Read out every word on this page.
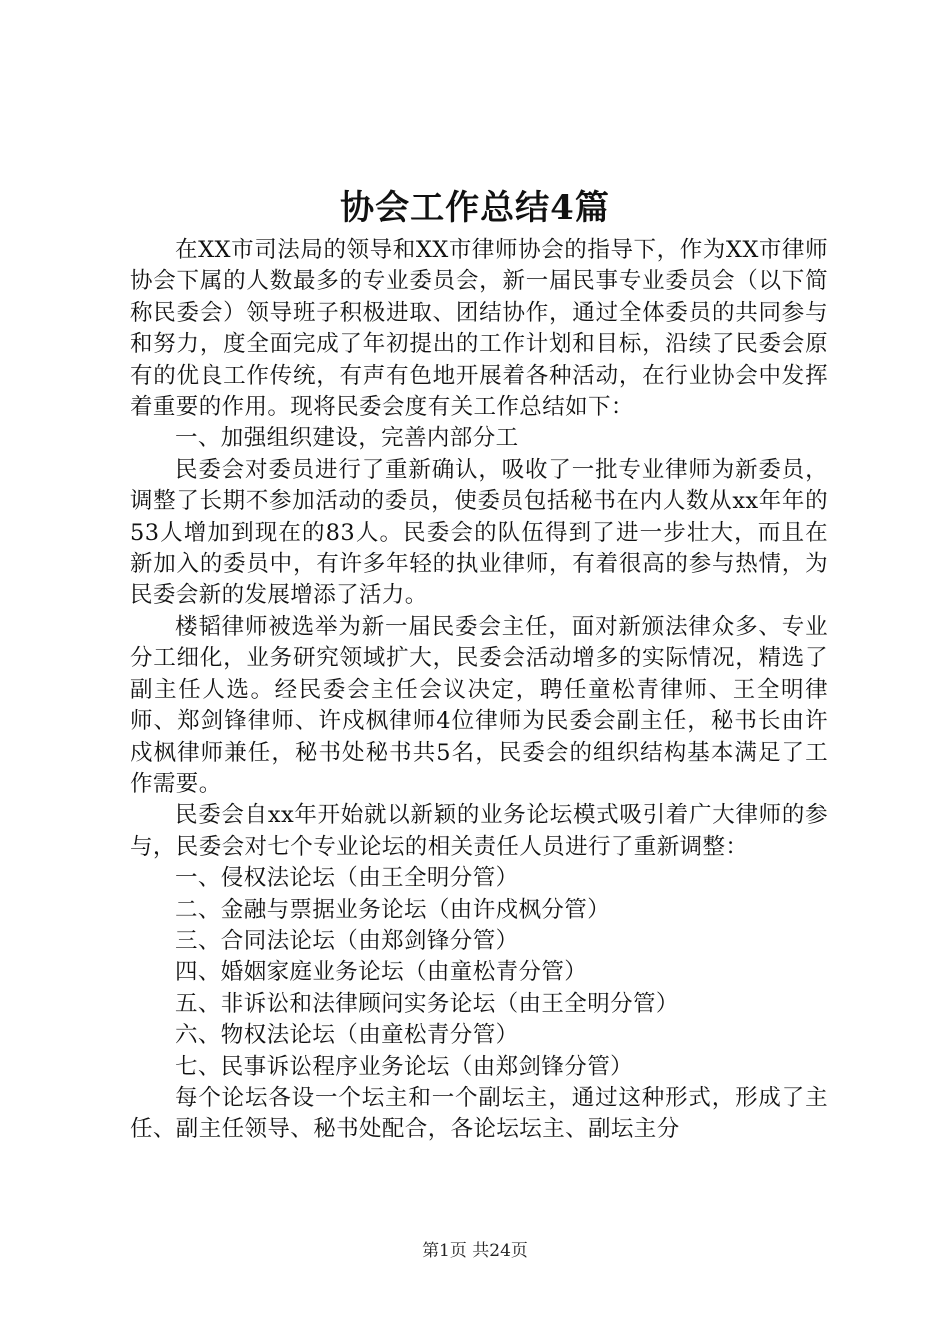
协会工作总结4篇

在XX市司法局的领导和XX市律师协会的指导下，作为XX市律师协会下属的人数最多的专业委员会，新一届民事专业委员会（以下简称民委会）领导班子积极进取、团结协作，通过全体委员的共同参与和努力，度全面完成了年初提出的工作计划和目标，沿续了民委会原有的优良工作传统，有声有色地开展着各种活动，在行业协会中发挥着重要的作用。现将民委会度有关工作总结如下：

一、加强组织建设，完善内部分工

民委会对委员进行了重新确认，吸收了一批专业律师为新委员，调整了长期不参加活动的委员，使委员包括秘书在内人数从xx年年的53人增加到现在的83人。民委会的队伍得到了进一步壮大，而且在新加入的委员中，有许多年轻的执业律师，有着很高的参与热情，为民委会新的发展增添了活力。

楼韬律师被选举为新一届民委会主任，面对新颁法律众多、专业分工细化，业务研究领域扩大，民委会活动增多的实际情况，精选了副主任人选。经民委会主任会议决定，聘任童松青律师、王全明律师、郑剑锋律师、许戍枫律师4位律师为民委会副主任，秘书长由许戍枫律师兼任，秘书处秘书共5名，民委会的组织结构基本满足了工作需要。

民委会自xx年开始就以新颖的业务论坛模式吸引着广大律师的参与，民委会对七个专业论坛的相关责任人员进行了重新调整：

一、侵权法论坛（由王全明分管）

二、金融与票据业务论坛（由许戍枫分管）

三、合同法论坛（由郑剑锋分管）

四、婚姻家庭业务论坛（由童松青分管）

五、非诉讼和法律顾问实务论坛（由王全明分管）

六、物权法论坛（由童松青分管）

七、民事诉讼程序业务论坛（由郑剑锋分管）

每个论坛各设一个坛主和一个副坛主，通过这种形式，形成了主任、副主任领导、秘书处配合，各论坛坛主、副坛主分

第1页 共24页
